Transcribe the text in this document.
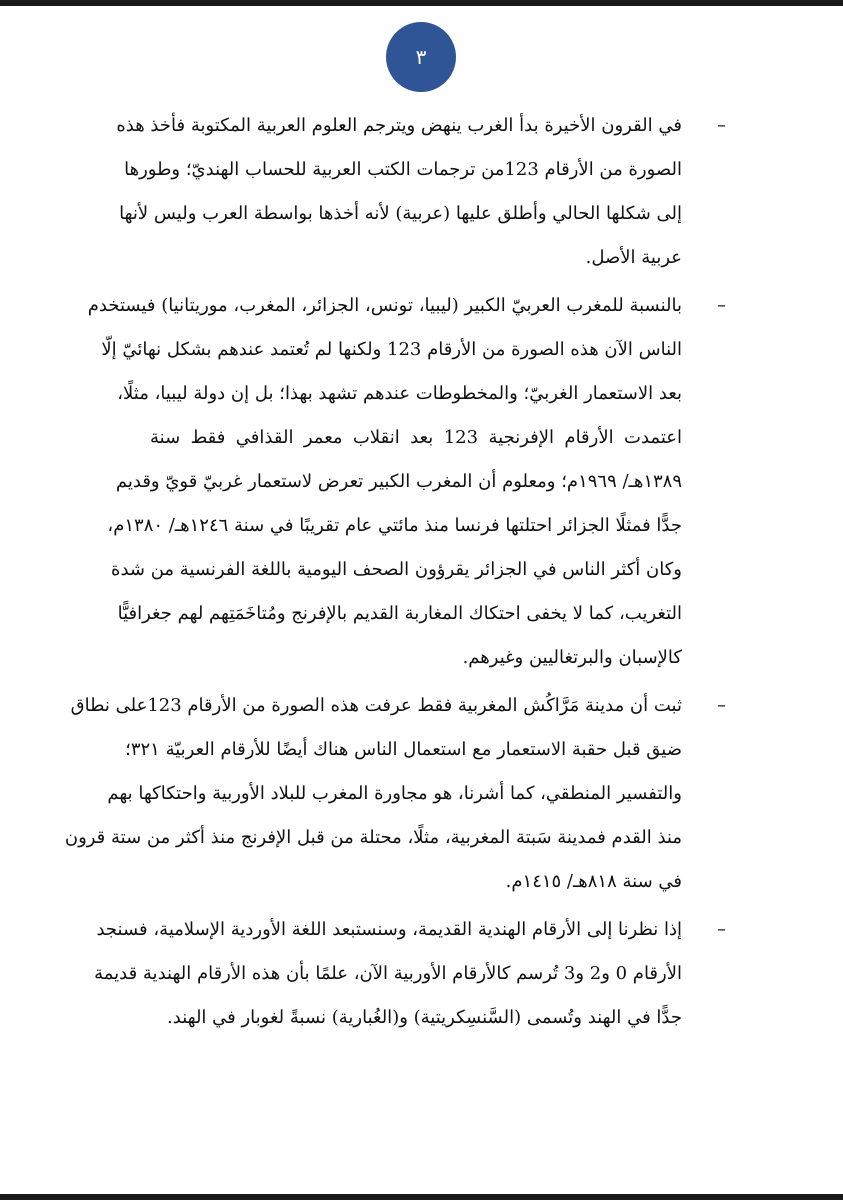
٣
–
في القرون الأخيرة بدأ الغرب ينهض ويترجم العلوم العربية المكتوبة فأخذ هذه
الصورة من الأرقام 123من ترجمات الكتب العربية للحساب الهنديّ؛ وطورها
إلى شكلها الحالي وأطلق عليها (عربية) لأنه أخذها بواسطة العرب وليس لأنها
عربية الأصل.
–
بالنسبة للمغرب العربيّ الكبير (ليبيا، تونس، الجزائر، المغرب، موريتانيا) فيستخدم
الناس الآن هذه الصورة من الأرقام 123 ولكنها لم تُعتمد عندهم بشكل نهائيّ إلّا
بعد الاستعمار الغربيّ؛ والمخطوطات عندهم تشهد بهذا؛ بل إن دولة ليبيا، مثلًا،
اعتمدت الأرقام الإفرنجية 123 بعد انقلاب معمر القذافي فقط سنة
١٣٨٩هـ/ ١٩٦٩م؛ ومعلوم أن المغرب الكبير تعرض لاستعمار غربيّ قويّ وقديم
جدًّا فمثلًا الجزائر احتلتها فرنسا منذ مائتي عام تقريبًا في سنة ١٢٤٦هـ/ ١٣٨٠م،
وكان أكثر الناس في الجزائر يقرؤون الصحف اليومية باللغة الفرنسية من شدة
التغريب، كما لا يخفى احتكاك المغاربة القديم بالإفرنج ومُتاخَمَتِهم لهم جغرافيًّا
كالإسبان والبرتغاليين وغيرهم.
–
ثبت أن مدينة مَرَّاكُش المغربية فقط عرفت هذه الصورة من الأرقام 123على نطاق
ضيق قبل حقبة الاستعمار مع استعمال الناس هناك أيضًا للأرقام العربيّة ٣٢١؛
والتفسير المنطقي، كما أشرنا، هو مجاورة المغرب للبلاد الأوربية واحتكاكها بهم
منذ القدم فمدينة سَبتة المغربية، مثلًا، محتلة من قبل الإفرنج منذ أكثر من ستة قرون
في سنة ٨١٨هـ/ ١٤١٥م.
–
إذا نظرنا إلى الأرقام الهندية القديمة، وسنستبعد اللغة الأوردية الإسلامية، فسنجد
الأرقام 0 و2 و3 تُرسم كالأرقام الأوربية الآن، علمًا بأن هذه الأرقام الهندية قديمة
جدًّا في الهند وتُسمى (السَّنسِكريتية) و(الغُبارية) نسبةً لغوبار في الهند.
